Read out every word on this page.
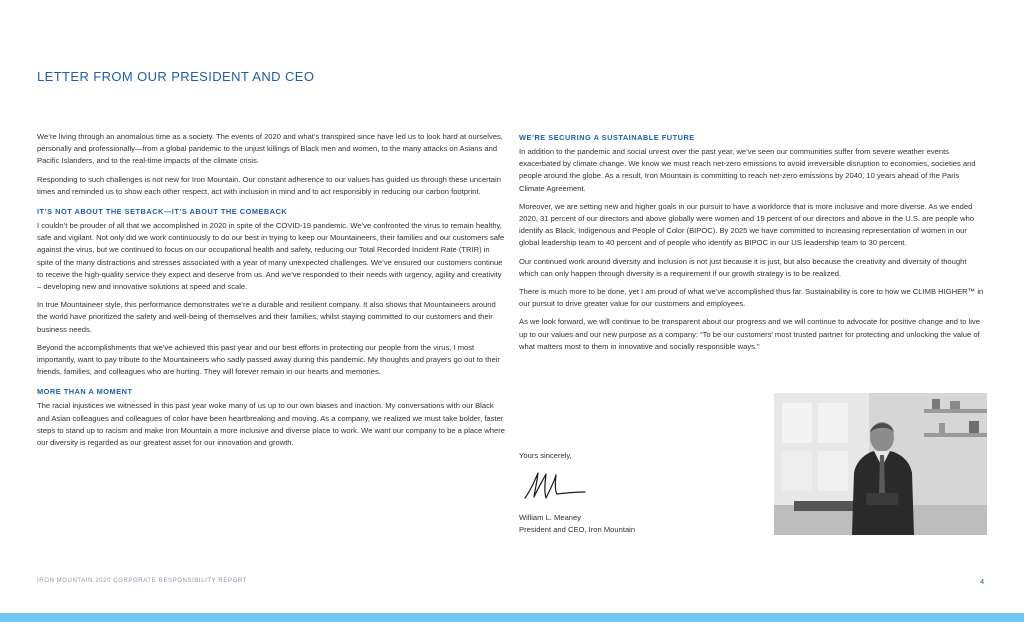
LETTER FROM OUR PRESIDENT AND CEO

We’re living through an anomalous time as a society. The events of 2020 and what’s transpired since have led us to look hard at ourselves, personally and professionally—from a global pandemic to the unjust killings of Black men and women, to the many attacks on Asians and Pacific Islanders, and to the real-time impacts of the climate crisis.

Responding to such challenges is not new for Iron Mountain. Our constant adherence to our values has guided us through these uncertain times and reminded us to show each other respect, act with inclusion in mind and to act responsibly in reducing our carbon footprint.

IT’S NOT ABOUT THE SETBACK—IT’S ABOUT THE COMEBACK

I couldn’t be prouder of all that we accomplished in 2020 in spite of the COVID-19 pandemic. We’ve confronted the virus to remain healthy, safe and vigilant. Not only did we work continuously to do our best in trying to keep our Mountaineers, their families and our customers safe against the virus, but we continued to focus on our occupational health and safety, reducing our Total Recorded Incident Rate (TRIR) in spite of the many distractions and stresses associated with a year of many unexpected challenges. We’ve ensured our customers continue to receive the high-quality service they expect and deserve from us. And we’ve responded to their needs with urgency, agility and creativity – developing new and innovative solutions at speed and scale.

In true Mountaineer style, this performance demonstrates we’re a durable and resilient company. It also shows that Mountaineers around the world have prioritized the safety and well-being of themselves and their families, whilst staying committed to our customers and their business needs.

Beyond the accomplishments that we’ve achieved this past year and our best efforts in protecting our people from the virus, I most importantly, want to pay tribute to the Mountaineers who sadly passed away during this pandemic. My thoughts and prayers go out to their friends, families, and colleagues who are hurting. They will forever remain in our hearts and memories.

MORE THAN A MOMENT

The racial injustices we witnessed in this past year woke many of us up to our own biases and inaction. My conversations with our Black and Asian colleagues and colleagues of color have been heartbreaking and moving. As a company, we realized we must take bolder, faster steps to stand up to racism and make Iron Mountain a more inclusive and diverse place to work. We want our company to be a place where our diversity is regarded as our greatest asset for our innovation and growth.

WE’RE SECURING A SUSTAINABLE FUTURE

In addition to the pandemic and social unrest over the past year, we’ve seen our communities suffer from severe weather events exacerbated by climate change. We know we must reach net-zero emissions to avoid irreversible disruption to economies, societies and people around the globe. As a result, Iron Mountain is committing to reach net-zero emissions by 2040, 10 years ahead of the Paris Climate Agreement.

Moreover, we are setting new and higher goals in our pursuit to have a workforce that is more inclusive and more diverse. As we ended 2020, 31 percent of our directors and above globally were women and 19 percent of our directors and above in the U.S. are people who identify as Black, Indigenous and People of Color (BIPOC). By 2025 we have committed to increasing representation of women in our global leadership team to 40 percent and of people who identify as BIPOC in our US leadership team to 30 percent.

Our continued work around diversity and inclusion is not just because it is just, but also because the creativity and diversity of thought which can only happen through diversity is a requirement if our growth strategy is to be realized.

There is much more to be done, yet I am proud of what we’ve accomplished thus far. Sustainability is core to how we CLIMB HIGHER™ in our pursuit to drive greater value for our customers and employees.

As we look forward, we will continue to be transparent about our progress and we will continue to advocate for positive change and to live up to our values and our new purpose as a company: “To be our customers’ most trusted partner for protecting and unlocking the value of what matters most to them in innovative and socially responsible ways.”

Yours sincerely,

William L. Meaney

President and CEO, Iron Mountain

IRON MOUNTAIN 2020 CORPORATE RESPONSIBILITY REPORT	4
